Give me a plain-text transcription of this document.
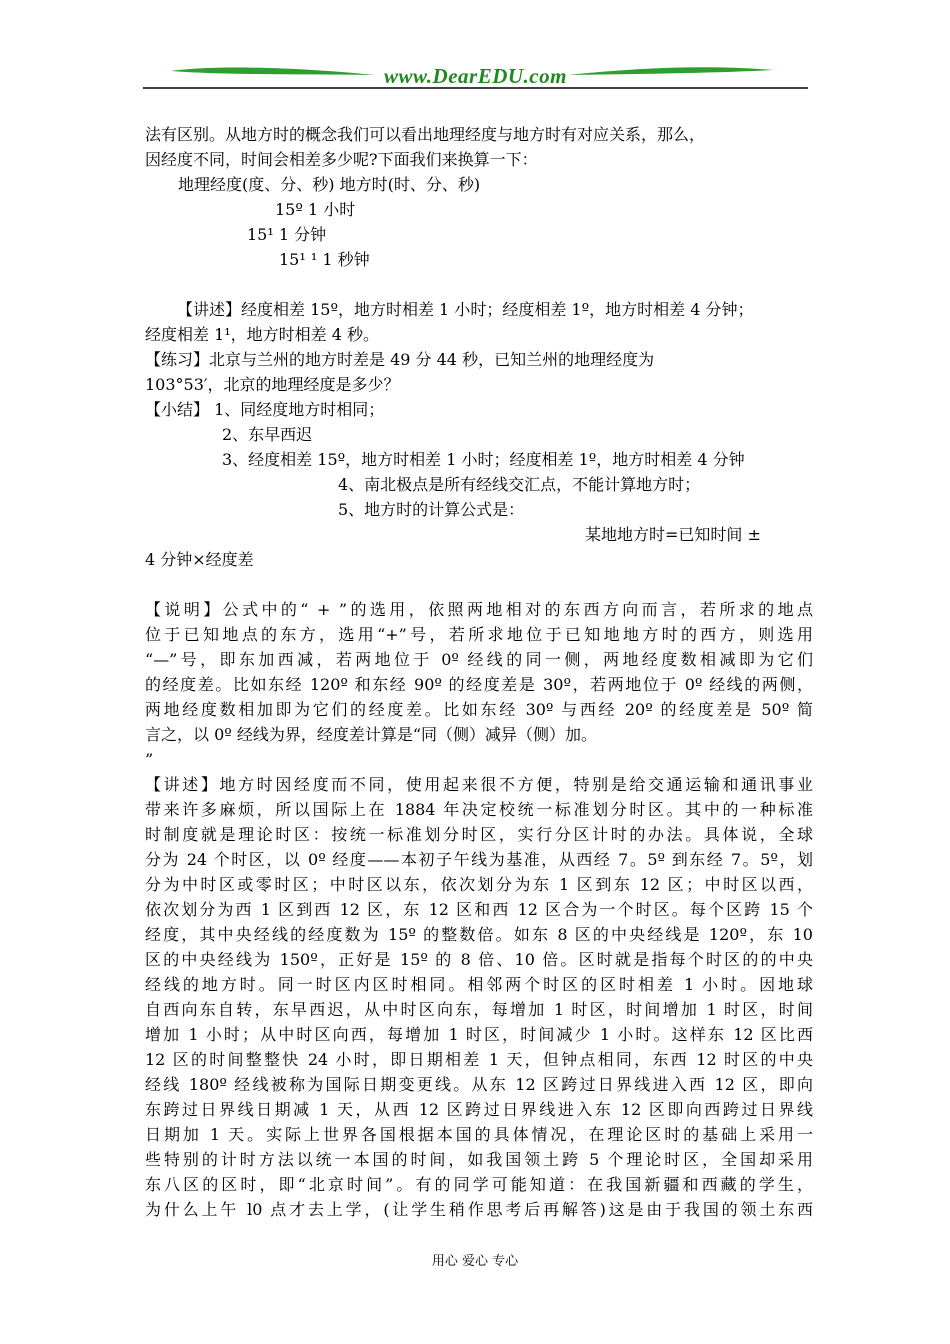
www.DearEDU.com
法有区别。从地方时的概念我们可以看出地理经度与地方时有对应关系，那么，
因经度不同，时间会相差多少呢?下面我们来换算一下：
地理经度(度、分、秒) 地方时(时、分、秒)
15º 1 小时
15¹ 1 分钟
15¹ ¹ 1 秒钟
【讲述】经度相差 15º，地方时相差 1 小时；经度相差 1º，地方时相差 4 分钟；
经度相差 1¹，地方时相差 4 秒。
【练习】北京与兰州的地方时差是 49 分 44 秒，已知兰州的地理经度为
103°53′，北京的地理经度是多少？
【小结】 1、同经度地方时相同；
2、东早西迟
3、经度相差 15º，地方时相差 1 小时；经度相差 1º，地方时相差 4 分钟
4、南北极点是所有经线交汇点，不能计算地方时；
5、地方时的计算公式是：
某地地方时=已知时间 ±
4 分钟×经度差
【说明】公式中的“ + ”的选用，依照两地相对的东西方向而言，若所求的地点
位于已知地点的东方，选用“+”号，若所求地位于已知地地方时的西方，则选用
“—”号，即东加西减，若两地位于 0º 经线的同一侧，两地经度数相减即为它们
的经度差。比如东经 120º 和东经 90º 的经度差是 30º，若两地位于 0º 经线的两侧，
两地经度数相加即为它们的经度差。比如东经 30º 与西经 20º 的经度差是 50º 简
言之，以 0º 经线为界，经度差计算是“同（侧）减异（侧）加。
”
【讲述】地方时因经度而不同，使用起来很不方便，特别是给交通运输和通讯事业
带来许多麻烦，所以国际上在 1884 年决定校统一标准划分时区。其中的一种标准
时制度就是理论时区：按统一标准划分时区，实行分区计时的办法。具体说，全球
分为 24 个时区，以 0º 经度——本初子午线为基准，从西经 7。5º 到东经 7。5º，划
分为中时区或零时区；中时区以东，依次划分为东 1 区到东 12 区；中时区以西，
依次划分为西 1 区到西 12 区，东 12 区和西 12 区合为一个时区。每个区跨 15 个
经度，其中央经线的经度数为 15º 的整数倍。如东 8 区的中央经线是 120º，东 10
区的中央经线为 150º，正好是 15º 的 8 倍、10 倍。区时就是指每个时区的的中央
经线的地方时。同一时区内区时相同。相邻两个时区的区时相差 1 小时。因地球
自西向东自转，东早西迟，从中时区向东，每增加 1 时区，时间增加 1 时区，时间
增加 1 小时；从中时区向西，每增加 1 时区，时间减少 1 小时。这样东 12 区比西
12 区的时间整整快 24 小时，即日期相差 1 天，但钟点相同，东西 12 时区的中央
经线 180º 经线被称为国际日期变更线。从东 12 区跨过日界线进入西 12 区，即向
东跨过日界线日期减 1 天，从西 12 区跨过日界线进入东 12 区即向西跨过日界线
日期加 1 天。实际上世界各国根据本国的具体情况，在理论区时的基础上采用一
些特别的计时方法以统一本国的时间，如我国领土跨 5 个理论时区，全国却采用
东八区的区时，即“北京时间”。有的同学可能知道：在我国新疆和西藏的学生，
为什么上午 l0 点才去上学，(让学生稍作思考后再解答)这是由于我国的领土东西
用心 爱心 专心
